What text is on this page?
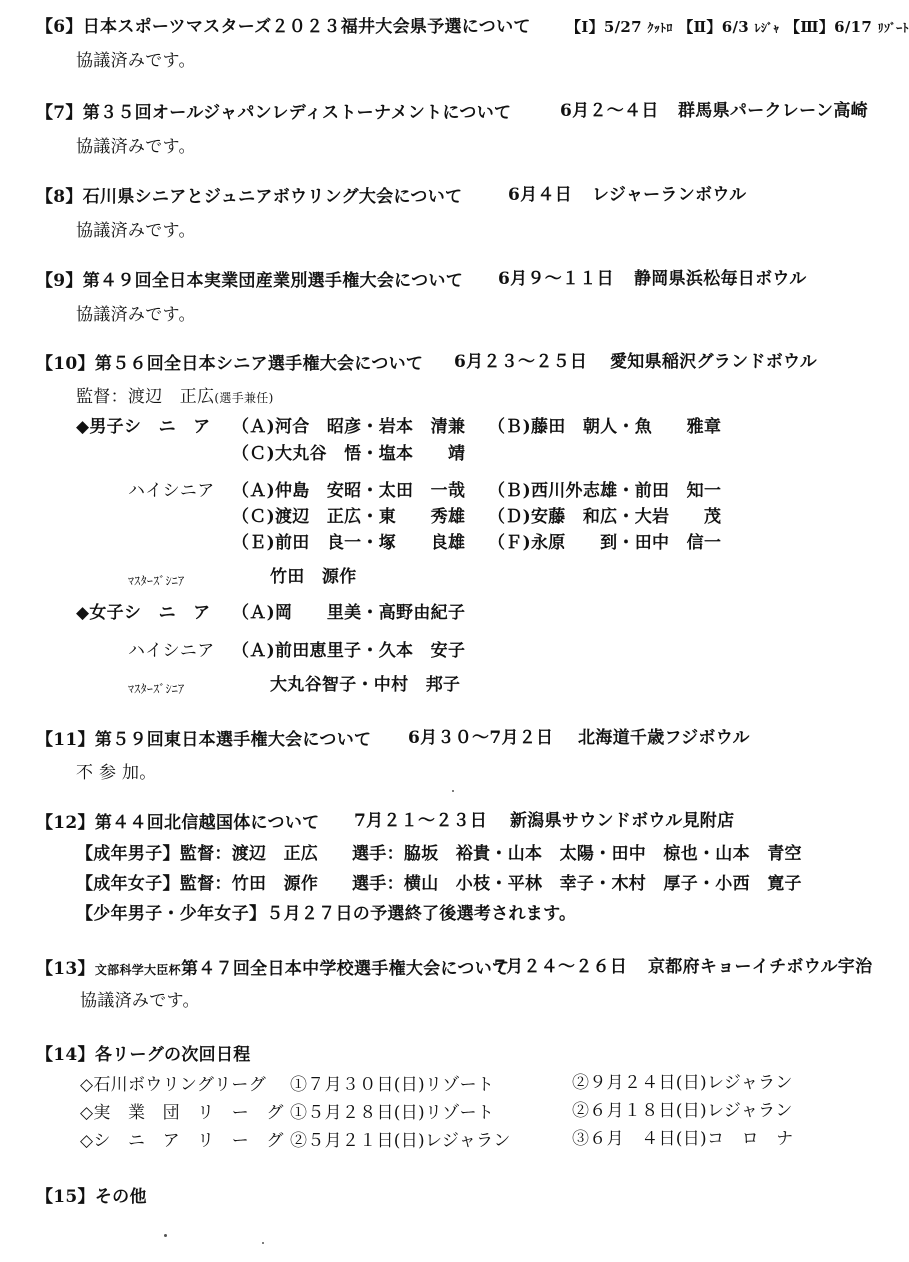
【6】日本スポーツマスターズ２０２３福井大会県予選について 【Ⅰ】5/27 ｸｯﾄﾛ 【Ⅱ】6/3 ﾚｼﾞｬ 【Ⅲ】6/17 ﾘｿﾞｰﾄ
協議済みです。
【7】第３５回オールジャパンレディストーナメントについて	6月２～４日 群馬県パークレーン高崎
協議済みです。
【8】石川県シニアとジュニアボウリング大会について	6月４日 レジャーランボウル
協議済みです。
【9】第４９回全日本実業団産業別選手権大会について 6月９～１１日 静岡県浜松毎日ボウル
協議済みです。
【10】第５６回全日本シニア選手権大会について 6月２３～２５日 愛知県稲沢グランドボウル
監督：渡辺　正広(選手兼任)
◆男子シ　ニ　ア （Ａ)河合　昭彦・岩本　清兼 （Ｂ)藤田　朝人・魚　　雅章
（Ｃ)大丸谷　悟・塩本　　靖
ハイシニア （Ａ)仲島　安昭・太田　一哉 （Ｂ)西川外志雄・前田　知一
（Ｃ)渡辺　正広・東　　秀雄 （Ｄ)安藤　和広・大岩　　茂
（Ｅ)前田　良一・塚　　良雄 （Ｆ)永原　　到・田中　信一
ﾏｽﾀｰｽﾞｼﾆｱ	竹田　源作
◆女子シ　ニ　ア （Ａ)岡　　里美・高野由紀子
ハイシニア （Ａ)前田恵里子・久本　安子
ﾏｽﾀｰｽﾞｼﾆｱ	大丸谷智子・中村　邦子
【11】第５９回東日本選手権大会について 6月３０～7月２日 北海道千歳フジボウル
不 参 加。
【12】第４４回北信越国体について 7月２１～２３日 新潟県サウンドボウル見附店
【成年男子】監督：渡辺　正広 選手：脇坂　裕貴・山本　太陽・田中　椋也・山本　青空
【成年女子】監督：竹田　源作 選手：横山　小枝・平林　幸子・木村　厚子・小西　寛子
【少年男子・少年女子】５月２７日の予選終了後選考されます。
【13】文部科学大臣杯第４７回全日本中学校選手権大会について
7月２４～２６日 京都府キョーイチボウル宇治
協議済みです。
【14】各リーグの次回日程
◇石川ボウリングリーグ ①７月３０日(日)リゾート	②９月２４日(日)レジャラン
◇実　業　団　リ　ー　グ ①５月２８日(日)リゾート	②６月１８日(日)レジャラン
◇シ　ニ　ア　リ　ー　グ ②５月２１日(日)レジャラン	③６月　４日(日)コ　ロ　ナ
【15】その他
